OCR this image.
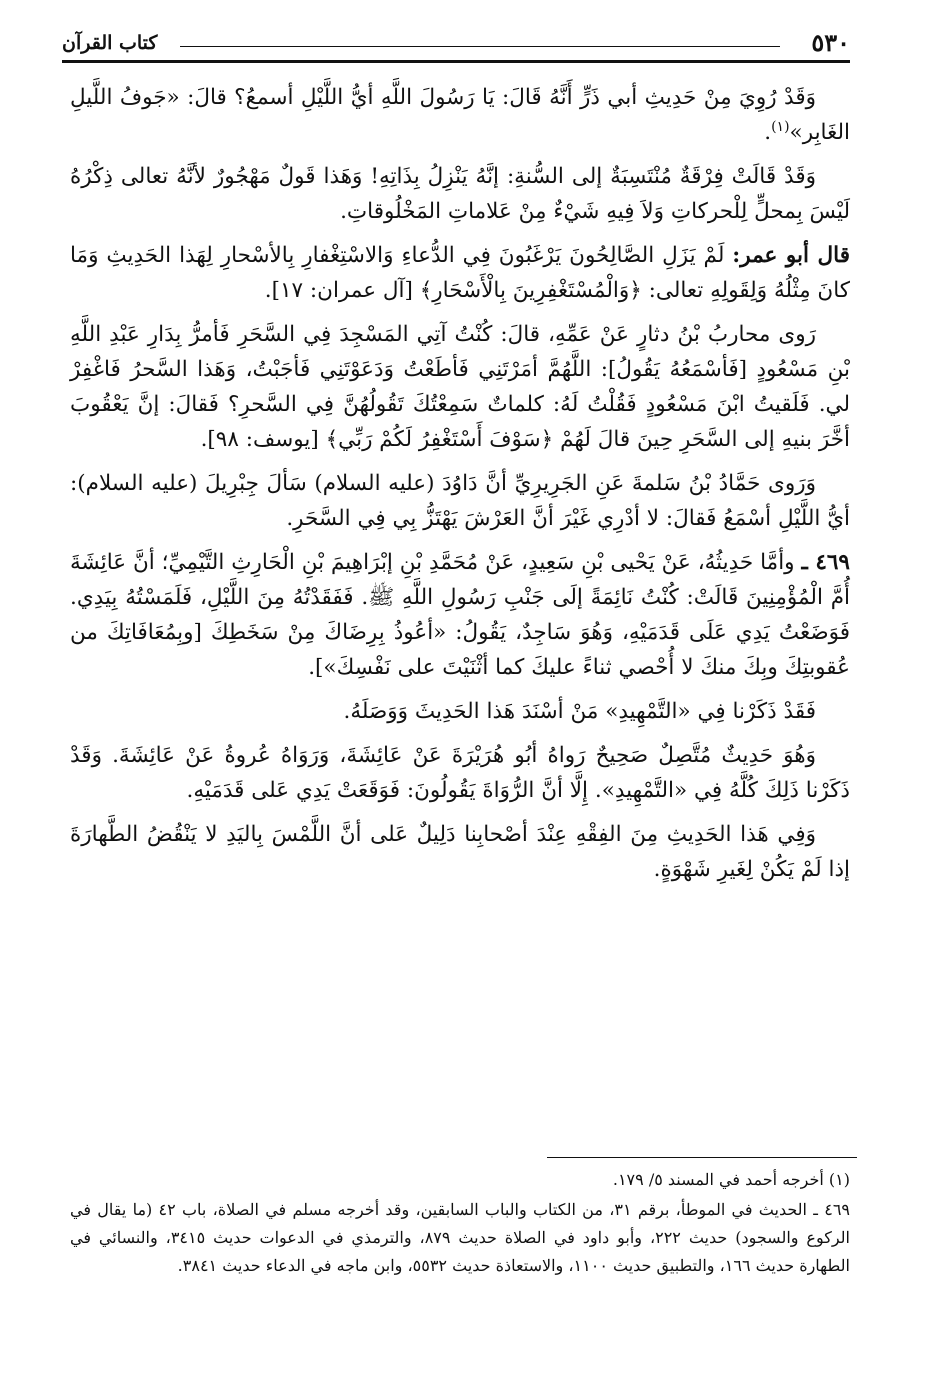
٥٣٠
كتاب القرآن

وَقَدْ رُوِيَ مِنْ حَدِيثِ أبي ذَرٍّ أَنَّهُ قَالَ: يَا رَسُولَ اللَّهِ أيُّ اللَّيْلِ أسمعُ؟ قالَ: «جَوفُ اللَّيلِ الغَابِر»$^{(١)}$.

وَقَدْ قَالَتْ فِرْقَةٌ مُنْتَسِبَةٌ إلى السُّنةِ: إنَّهُ يَنْزِلُ بِذَاتِهِ! وَهَذا قَولٌ مَهْجُورٌ لأنَّهُ تعالى ذِكْرُهُ لَيْسَ بِمحلٍّ لِلْحركاتِ وَلاَ فِيهِ شَيْءٌ مِنْ عَلاماتِ المَخْلُوقاتِ.

قال أبو عمر: لَمْ يَزَلِ الصَّالِحُونَ يَرْغَبُونَ فِي الدُّعاءِ وَالاسْتِغْفارِ بِالأسْحارِ لِهَذا الحَدِيثِ وَمَا كانَ مِثْلُهُ وَلِقَولِهِ تعالى: ﴿وَالْمُسْتَغْفِرِينَ بِالْأَسْحَارِ﴾ [آل عمران: ١٧].

رَوى محاربُ بْنُ دثارٍ عَنْ عَمِّهِ، قالَ: كُنْتُ آتِي المَسْجِدَ فِي السَّحَرِ فَأمرُّ بِدَارِ عَبْدِ اللَّهِ بْنِ مَسْعُودٍ [فَأسْمَعُهُ يَقُولُ]: اللَّهُمَّ أمَرْتَنِي فَأطَعْتُ وَدَعَوْتَنِي فَأجَبْتُ، وَهَذا السَّحرُ فَاغْفِرْ لي. فَلَقيتُ ابْنَ مَسْعُودٍ فَقُلْتُ لَهُ: كلماتٌ سَمِعْتُكَ تَقُولُهُنَّ فِي السَّحرِ؟ فَقالَ: إنَّ يَعْقُوبَ أخَّرَ بنيهِ إلى السَّحَرِ حِينَ قالَ لَهُمْ ﴿سَوْفَ أَسْتَغْفِرُ لَكُمْ رَبِّي﴾ [يوسف: ٩٨].

وَرَوى حَمَّادُ بْنُ سَلمةَ عَنِ الجَرِيرِيِّ أنَّ دَاوُدَ (عليه السلام) سَألَ جِبْرِيلَ (عليه السلام): أيُّ اللَّيْلِ أسْمَعُ فَقالَ: لا أدْرِي غَيْرَ أنَّ العَرْشَ يَهْتَزُّ بِي فِي السَّحَرِ.

٤٦٩ ـ وأمَّا حَدِيثُهُ، عَنْ يَحْيى بْنِ سَعِيدٍ، عَنْ مُحَمَّدِ بْنِ إبْرَاهِيمَ بْنِ الْحَارِثِ التَّيْمِيِّ؛ أنَّ عَائِشَةَ أُمَّ الْمُؤْمِنِينَ قَالَتْ: كُنْتُ نَائِمَةً إلَى جَنْبِ رَسُولِ اللَّهِ ﷺ. فَفَقَدْتُهُ مِنَ اللَّيْلِ، فَلَمَسْتُهُ بِيَدِي. فَوَضَعْتُ يَدِي عَلَى قَدَمَيْهِ، وَهُوَ سَاجِدٌ، يَقُولُ: «أعُوذُ بِرِضَاكَ مِنْ سَخَطِكَ [وبِمُعَافَاتِكَ من عُقوبتِكَ وبِكَ منكَ لا أُحْصي ثناءً عليكَ كما أثْنَيْتَ على نَفْسِكَ»].

فَقَدْ ذَكَرْنا فِي «التَّمْهِيدِ» مَنْ أسْنَدَ هَذا الحَدِيثَ وَوَصَلَهُ.

وَهُوَ حَدِيثٌ مُتَّصِلٌ صَحِيحٌ رَواهُ أبُو هُرَيْرَةَ عَنْ عَائِشَةَ، وَرَوَاهُ عُروةُ عَنْ عَائِشَةَ. وَقَدْ ذَكَرْنا ذَلِكَ كُلَّهُ فِي «التَّمْهِيدِ». إِلَّا أنَّ الرُّوَاةَ يَقُولُونَ: فَوَقَعَتْ يَدِي عَلى قَدَمَيْهِ.

وَفِي هَذا الحَدِيثِ مِنَ الفِقْهِ عِنْدَ أصْحابِنا دَلِيلٌ عَلى أنَّ اللَّمْسَ بِاليَدِ لا يَنْقُضُ الطَّهارَةَ إذا لَمْ يَكُنْ لِغَيرِ شَهْوَةٍ.

(١) أخرجه أحمد في المسند ٥/ ١٧٩.

٤٦٩ ـ الحديث في الموطأ، برقم ٣١، من الكتاب والباب السابقين، وقد أخرجه مسلم في الصلاة، باب ٤٢ (ما يقال في الركوع والسجود) حديث ٢٢٢، وأبو داود في الصلاة حديث ٨٧٩، والترمذي في الدعوات حديث ٣٤١٥، والنسائي في الطهارة حديث ١٦٦، والتطبيق حديث ١١٠٠، والاستعاذة حديث ٥٥٣٢، وابن ماجه في الدعاء حديث ٣٨٤١.
